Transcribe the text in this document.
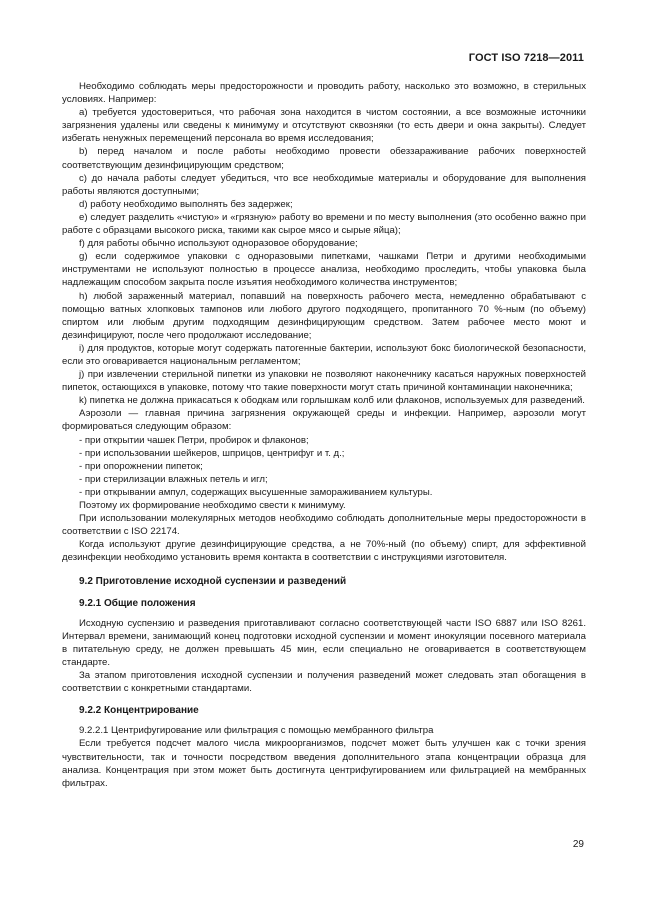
ГОСТ ISO 7218—2011

Необходимо соблюдать меры предосторожности и проводить работу, насколько это возможно, в стерильных условиях. Например:

а) требуется удостовериться, что рабочая зона находится в чистом состоянии, а все возможные источники загрязнения удалены или сведены к минимуму и отсутствуют сквозняки (то есть двери и окна закрыты). Следует избегать ненужных перемещений персонала во время исследования;

b) перед началом и после работы необходимо провести обеззараживание рабочих поверхностей соответствующим дезинфицирующим средством;

с) до начала работы следует убедиться, что все необходимые материалы и оборудование для выполнения работы являются доступными;

d) работу необходимо выполнять без задержек;

е) следует разделить «чистую» и «грязную» работу во времени и по месту выполнения (это особенно важно при работе с образцами высокого риска, такими как сырое мясо и сырые яйца);

f) для работы обычно используют одноразовое оборудование;

g) если содержимое упаковки с одноразовыми пипетками, чашками Петри и другими необходимыми инструментами не используют полностью в процессе анализа, необходимо проследить, чтобы упаковка была надлежащим способом закрыта после изъятия необходимого количества инструментов;

h) любой зараженный материал, попавший на поверхность рабочего места, немедленно обрабатывают с помощью ватных хлопковых тампонов или любого другого подходящего, пропитанного 70 %-ным (по объему) спиртом или любым другим подходящим дезинфицирующим средством. Затем рабочее место моют и дезинфицируют, после чего продолжают исследование;

i) для продуктов, которые могут содержать патогенные бактерии, используют бокс биологической безопасности, если это оговаривается национальным регламентом;

j) при извлечении стерильной пипетки из упаковки не позволяют наконечнику касаться наружных поверхностей пипеток, остающихся в упаковке, потому что такие поверхности могут стать причиной контаминации наконечника;

k) пипетка не должна прикасаться к ободкам или горлышкам колб или флаконов, используемых для разведений.

Аэрозоли — главная причина загрязнения окружающей среды и инфекции. Например, аэрозоли могут формироваться следующим образом:

- при открытии чашек Петри, пробирок и флаконов;

- при использовании шейкеров, шприцов, центрифуг и т. д.;

- при опорожнении пипеток;

- при стерилизации влажных петель и игл;

- при открывании ампул, содержащих высушенные замораживанием культуры.

Поэтому их формирование необходимо свести к минимуму.

При использовании молекулярных методов необходимо соблюдать дополнительные меры предосторожности в соответствии с ISO 22174.

Когда используют другие дезинфицирующие средства, а не 70%-ный (по объему) спирт, для эффективной дезинфекции необходимо установить время контакта в соответствии с инструкциями изготовителя.

9.2 Приготовление исходной суспензии и разведений

9.2.1 Общие положения

Исходную суспензию и разведения приготавливают согласно соответствующей части ISO 6887 или ISO 8261. Интервал времени, занимающий конец подготовки исходной суспензии и момент инокуляции посевного материала в питательную среду, не должен превышать 45 мин, если специально не оговаривается в соответствующем стандарте.

За этапом приготовления исходной суспензии и получения разведений может следовать этап обогащения в соответствии с конкретными стандартами.

9.2.2 Концентрирование

9.2.2.1 Центрифугирование или фильтрация с помощью мембранного фильтра

Если требуется подсчет малого числа микроорганизмов, подсчет может быть улучшен как с точки зрения чувствительности, так и точности посредством введения дополнительного этапа концентрации образца для анализа. Концентрация при этом может быть достигнута центрифугированием или фильтрацией на мембранных фильтрах.

29
